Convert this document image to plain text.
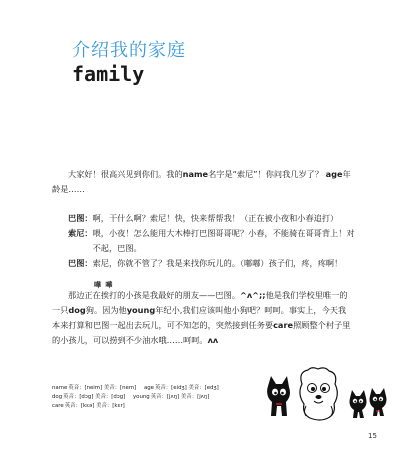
介绍我的家庭
family
大家好！很高兴见到你们。我的name名字是“索尼”！你问我几岁了？ age年龄是……
巴图： 啊，干什么啊？索尼！快，快来帮帮我！（正在被小夜和小春追打）
索尼： 喂，小夜！怎么能用大木棒打巴图哥哥呢？小春，不能骑在哥哥背上！对不起，巴图。
巴图： 索尼，你就不管了？我是来找你玩儿的。（嘟嘟）孩子们，疼，疼啊！
嘩 嘩
那边正在挨打的小孩是我最好的朋友——巴图。^ʌ^;;他是我们学校里唯一的一只dog狗。因为他young年纪小,我们应该叫他小狗吧？呵呵。事实上，今天我本来打算和巴图一起出去玩儿，可不知怎的，突然接到任务要care照顾整个村子里的小孩儿，可以捞到不少油水哦……呵呵。ʌʌ
name英音：[neim] 美音：[nem] age英音：[eidʒ] 美音：[edʒ]
dog英音：[dɔg] 美音：[dɔg] young英音：[jʌŋ] 美音：[jʌŋ]
care英音：[kɛə] 美音：[kɛr]
15
